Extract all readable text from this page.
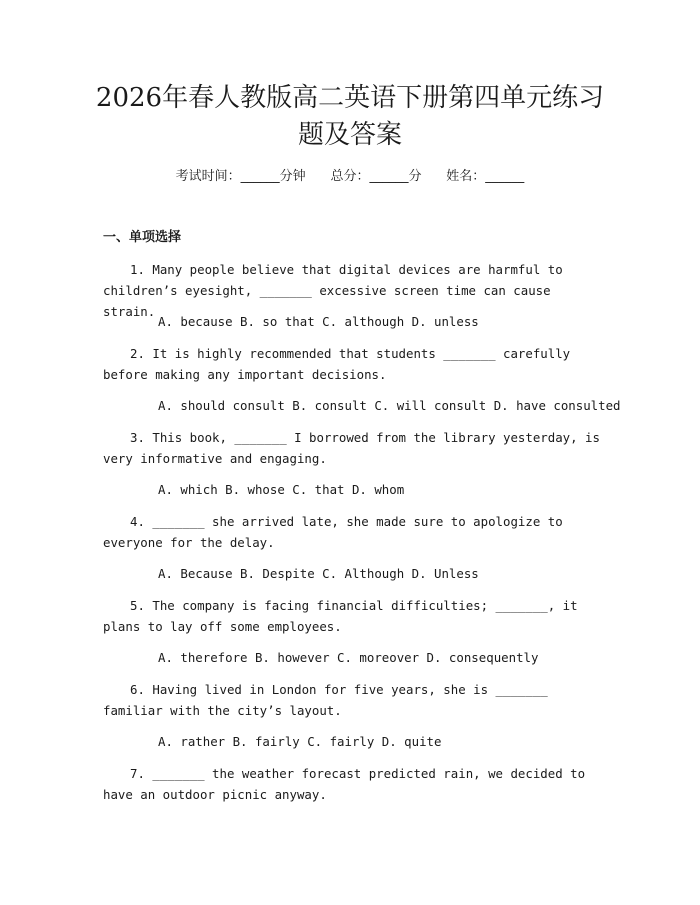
2026年春人教版高二英语下册第四单元练习题及答案
考试时间：______分钟 总分：______分 姓名：______
一、单项选择

1. Many people believe that digital devices are harmful to children’s eyesight, _______ excessive screen time can cause strain.

A. because B. so that C. although D. unless

2. It is highly recommended that students _______ carefully before making any important decisions.

A. should consult B. consult C. will consult D. have consulted

3. This book, _______ I borrowed from the library yesterday, is very informative and engaging.

A. which B. whose C. that D. whom

4. _______ she arrived late, she made sure to apologize to everyone for the delay.

A. Because B. Despite C. Although D. Unless

5. The company is facing financial difficulties; _______, it plans to lay off some employees.

A. therefore B. however C. moreover D. consequently

6. Having lived in London for five years, she is _______ familiar with the city’s layout.

A. rather B. fairly C. fairly D. quite

7. _______ the weather forecast predicted rain, we decided to have an outdoor picnic anyway.
